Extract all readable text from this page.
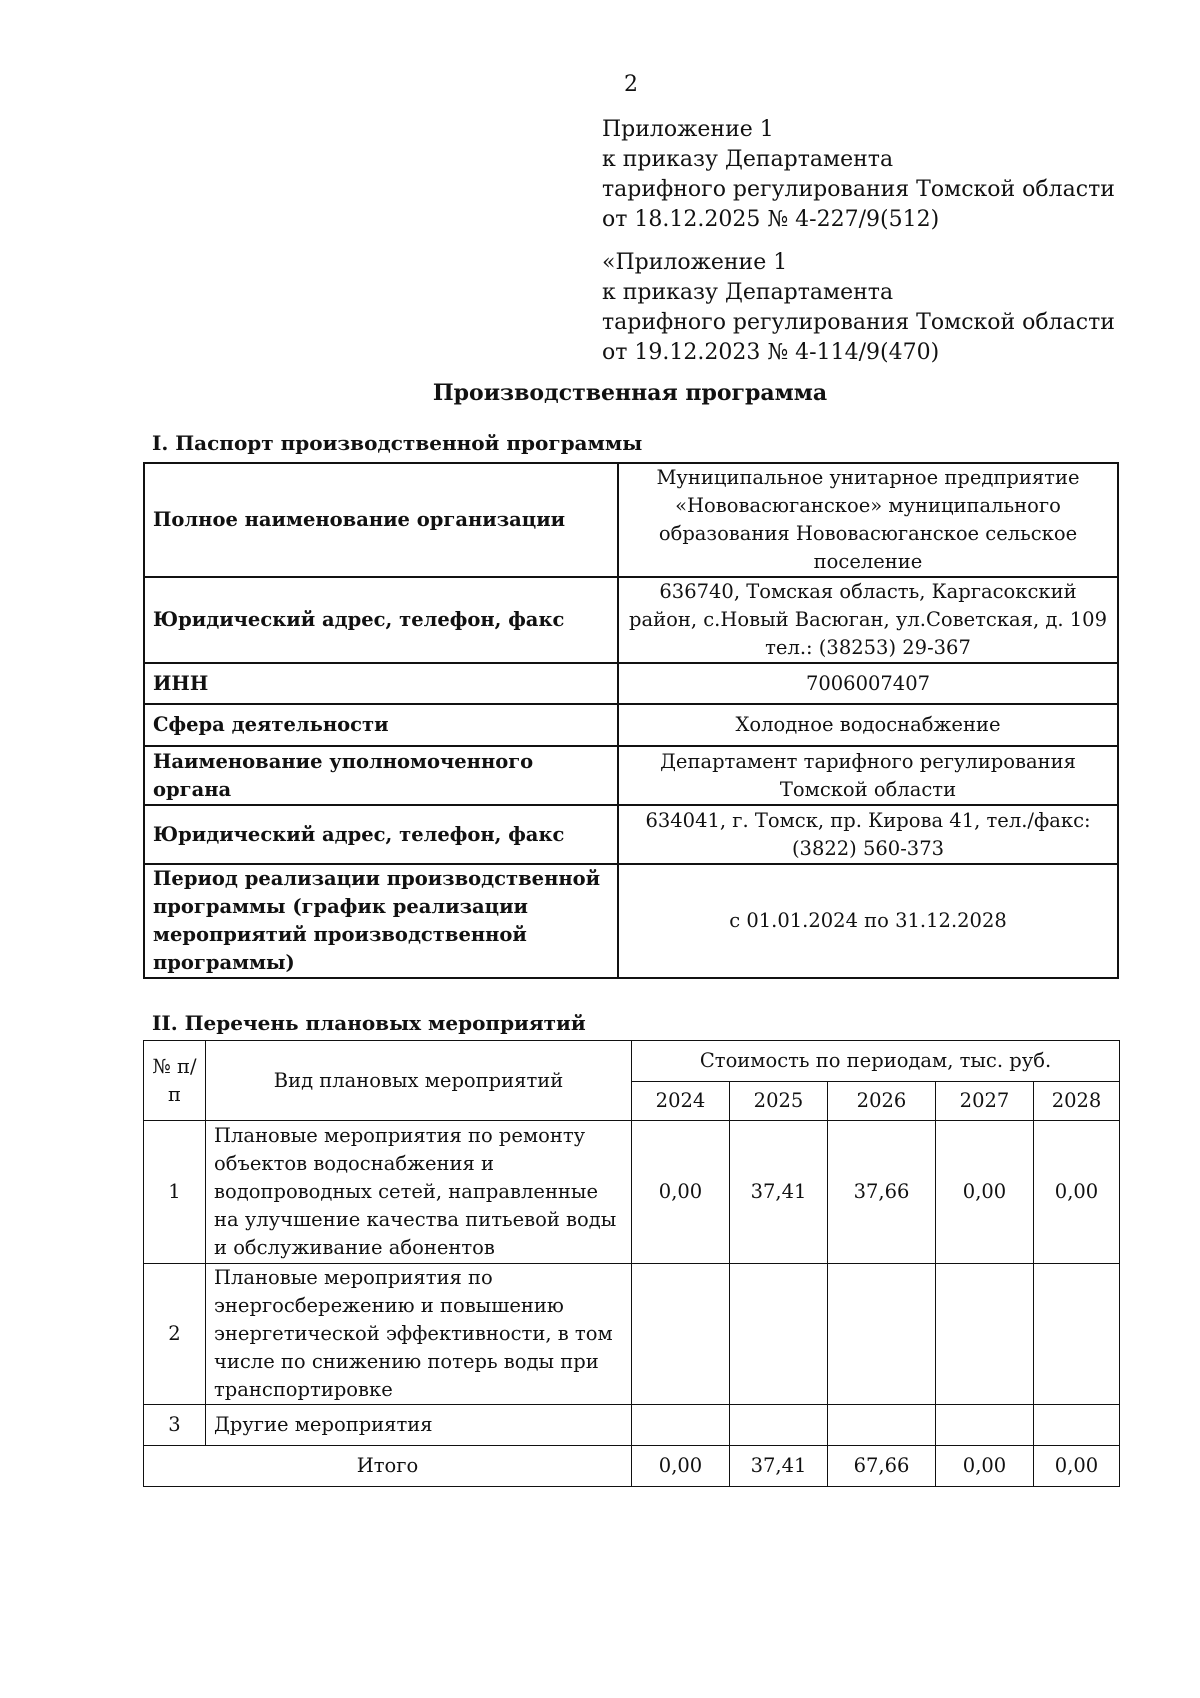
2
Приложение 1
к приказу Департамента
тарифного регулирования Томской области
от 18.12.2025 № 4-227/9(512)
«Приложение 1
к приказу Департамента
тарифного регулирования Томской области
от 19.12.2023 № 4-114/9(470)
Производственная программа
I. Паспорт производственной программы
Полное наименование организации	Муниципальное унитарное предприятие «Нововасюганское» муниципального образования Нововасюганское сельское поселение
Юридический адрес, телефон, факс	636740, Томская область, Каргасокский район, с.Новый Васюган, ул.Советская, д. 109 тел.: (38253) 29-367
ИНН	7006007407
Сфера деятельности	Холодное водоснабжение
Наименование уполномоченного органа	Департамент тарифного регулирования Томской области
Юридический адрес, телефон, факс	634041, г. Томск, пр. Кирова 41, тел./факс: (3822) 560-373
Период реализации производственной программы (график реализации мероприятий производственной программы)	с 01.01.2024 по 31.12.2028
II. Перечень плановых мероприятий
№ п/п	Вид плановых мероприятий	Стоимость по периодам, тыс. руб.				
		2024	2025	2026	2027	2028
1	Плановые мероприятия по ремонту объектов водоснабжения и водопроводных сетей, направленные на улучшение качества питьевой воды и обслуживание абонентов	0,00	37,41	37,66	0,00	0,00
2	Плановые мероприятия по энергосбережению и повышению энергетической эффективности, в том числе по снижению потерь воды при транспортировке					
3	Другие мероприятия					
Итого		0,00	37,41	67,66	0,00	0,00
